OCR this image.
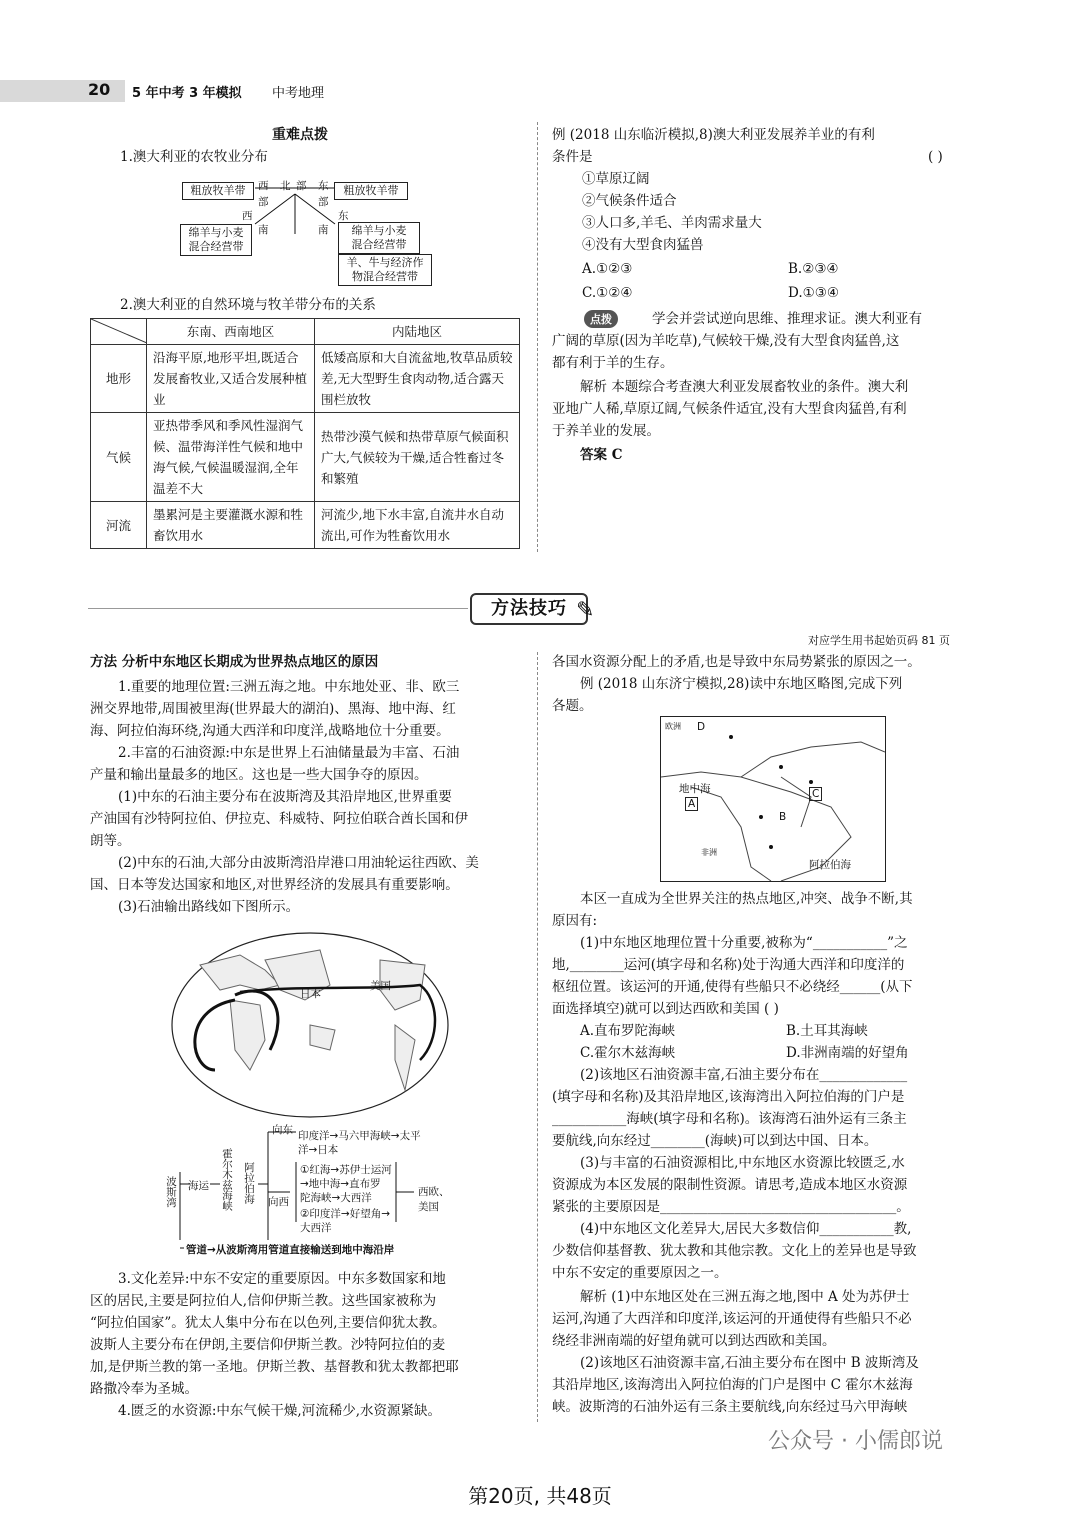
20 5 年中考 3 年模拟 中考地理
重难点拨
1.澳大利亚的农牧业分布
粗放牧羊带	粗放牧羊带
绵羊与小麦
混合经营带
绵羊与小麦
混合经营带
羊、牛与经济作
物混合经营带
西
部
北 部 东
部
西	东
南	南
2.澳大利亚的自然环境与牧羊带分布的关系
	东南、西南地区	内陆地区
地形	沿海平原,地形平坦,既适合发展畜牧业,又适合发展种植业	低矮高原和大自流盆地,牧草品质较差,无大型野生食肉动物,适合露天围栏放牧
气候	亚热带季风和季风性湿润气候、温带海洋性气候和地中海气候,气候温暖湿润,全年温差不大	热带沙漠气候和热带草原气候面积广大,气候较为干燥,适合牲畜过冬和繁殖
河流	墨累河是主要灌溉水源和牲畜饮用水	河流少,地下水丰富,自流井水自动流出,可作为牲畜饮用水
例 (2018 山东临沂模拟,8)澳大利亚发展养羊业的有利
条件是	( )
①草原辽阔
②气候条件适合
③人口多,羊毛、羊肉需求量大
④没有大型食肉猛兽
A.①②③	B.②③④
C.①②④	D.①③④
点拨	学会并尝试逆向思维、推理求证。澳大利亚有
广阔的草原(因为羊吃草),气候较干燥,没有大型食肉猛兽,这
都有利于羊的生存。
解析 本题综合考查澳大利亚发展畜牧业的条件。澳大利
亚地广人稀,草原辽阔,气候条件适宜,没有大型食肉猛兽,有利
于养羊业的发展。
答案 C
方法技巧 ✎
对应学生用书起始页码 81 页
方法 分析中东地区长期成为世界热点地区的原因
1.重要的地理位置:三洲五海之地。中东地处亚、非、欧三
洲交界地带,周围被里海(世界最大的湖泊)、黑海、地中海、红
海、阿拉伯海环绕,沟通大西洋和印度洋,战略地位十分重要。
2.丰富的石油资源:中东是世界上石油储量最为丰富、石油
产量和输出量最多的地区。这也是一些大国争夺的原因。
(1)中东的石油主要分布在波斯湾及其沿岸地区,世界重要
产油国有沙特阿拉伯、伊拉克、科威特、阿拉伯联合酋长国和伊
朗等。
(2)中东的石油,大部分由波斯湾沿岸港口用油轮运往西欧、美
国、日本等发达国家和地区,对世界经济的发展具有重要影响。
(3)石油输出路线如下图所示。
日本
美国
波斯湾 海运 霍尔木兹海峡 阿拉伯海
向东 印度洋→马六甲海峡→太平
洋→日本
向西
①红海→苏伊士运河
→地中海→直布罗
陀海峡→大西洋
②印度洋→好望角→
大西洋
西欧、
美国
管道→从波斯湾用管道直接输送到地中海沿岸
3.文化差异:中东不安定的重要原因。中东多数国家和地
区的居民,主要是阿拉伯人,信仰伊斯兰教。这些国家被称为
“阿拉伯国家”。犹太人集中分布在以色列,主要信仰犹太教。
波斯人主要分布在伊朗,主要信仰伊斯兰教。沙特阿拉伯的麦
加,是伊斯兰教的第一圣地。伊斯兰教、基督教和犹太教都把耶
路撒冷奉为圣城。
4.匮乏的水资源:中东气候干燥,河流稀少,水资源紧缺。
各国水资源分配上的矛盾,也是导致中东局势紧张的原因之一。
例 (2018 山东济宁模拟,28)读中东地区略图,完成下列
各题。
地中海
阿拉伯海
A
B
C
D
欧洲
非洲
本区一直成为全世界关注的热点地区,冲突、战争不断,其
原因有:
(1)中东地区地理位置十分重要,被称为“___________”之
地,________运河(填字母和名称)处于沟通大西洋和印度洋的
枢纽位置。该运河的开通,使得有些船只不必绕经______(从下
面选择填空)就可以到达西欧和美国 ( )
A.直布罗陀海峡	B.土耳其海峡
C.霍尔木兹海峡	D.非洲南端的好望角
(2)该地区石油资源丰富,石油主要分布在_____________
(填字母和名称)及其沿岸地区,该海湾出入阿拉伯海的门户是
___________海峡(填字母和名称)。该海湾石油外运有三条主
要航线,向东经过________(海峡)可以到达中国、日本。
(3)与丰富的石油资源相比,中东地区水资源比较匮乏,水
资源成为本区发展的限制性资源。请思考,造成本地区水资源
紧张的主要原因是___________________________________。
(4)中东地区文化差异大,居民大多数信仰___________教,
少数信仰基督教、犹太教和其他宗教。文化上的差异也是导致
中东不安定的重要原因之一。
解析 (1)中东地区处在三洲五海之地,图中 A 处为苏伊士
运河,沟通了大西洋和印度洋,该运河的开通使得有些船只不必
绕经非洲南端的好望角就可以到达西欧和美国。
(2)该地区石油资源丰富,石油主要分布在图中 B 波斯湾及
其沿岸地区,该海湾出入阿拉伯海的门户是图中 C 霍尔木兹海
峡。波斯湾的石油外运有三条主要航线,向东经过马六甲海峡
公众号 · 小儒郎说
第20页, 共48页
